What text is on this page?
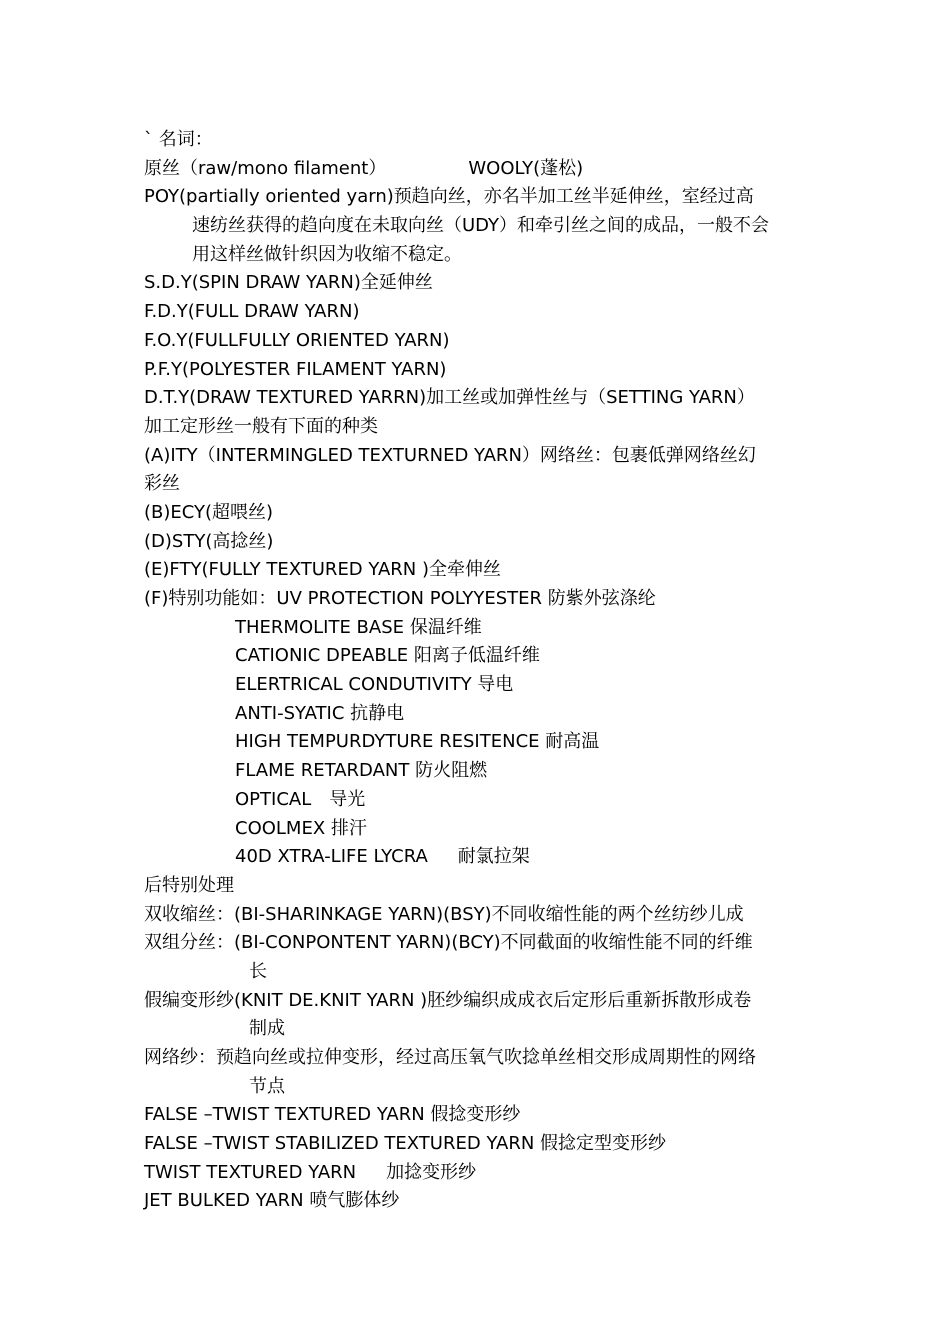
` 名词：
原丝（raw/mono filament）	WOOLY(蓬松)
POY(partially oriented yarn)预趋向丝，亦名半加工丝半延伸丝，室经过高
速纺丝获得的趋向度在未取向丝（UDY）和牵引丝之间的成品，一般不会
用这样丝做针织因为收缩不稳定。
S.D.Y(SPIN DRAW YARN)全延伸丝
F.D.Y(FULL DRAW YARN)
F.O.Y(FULLFULLY ORIENTED YARN)
P.F.Y(POLYESTER FILAMENT YARN)
D.T.Y(DRAW TEXTURED YARRN)加工丝或加弹性丝与（SETTING YARN）
加工定形丝一般有下面的种类
(A)ITY（INTERMINGLED TEXTURNED YARN）网络丝：包裹低弹网络丝幻
彩丝
(B)ECY(超喂丝)
(D)STY(高捻丝)
(E)FTY(FULLY TEXTURED YARN )全牵伸丝
(F)特别功能如：UV PROTECTION POLYYESTER 防紫外弦涤纶
THERMOLITE BASE 保温纤维
CATIONIC DPEABLE 阳离子低温纤维
ELERTRICAL CONDUTIVITY 导电
ANTI-SYATIC 抗静电
HIGH TEMPURDYTURE RESITENCE 耐高温
FLAME RETARDANT 防火阻燃
OPTICAL 导光
COOLMEX 排汗
40D XTRA-LIFE LYCRA 耐氯拉架
后特别处理
双收缩丝：(BI-SHARINKAGE YARN)(BSY)不同收缩性能的两个丝纺纱儿成
双组分丝：(BI-CONPONTENT YARN)(BCY)不同截面的收缩性能不同的纤维
长
假编变形纱(KNIT DE.KNIT YARN )胚纱编织成成衣后定形后重新拆散形成卷
制成
网络纱：预趋向丝或拉伸变形，经过高压氧气吹捻单丝相交形成周期性的网络
节点
FALSE –TWIST TEXTURED YARN 假捻变形纱
FALSE –TWIST STABILIZED TEXTURED YARN 假捻定型变形纱
TWIST TEXTURED YARN 加捻变形纱
JET BULKED YARN 喷气膨体纱
